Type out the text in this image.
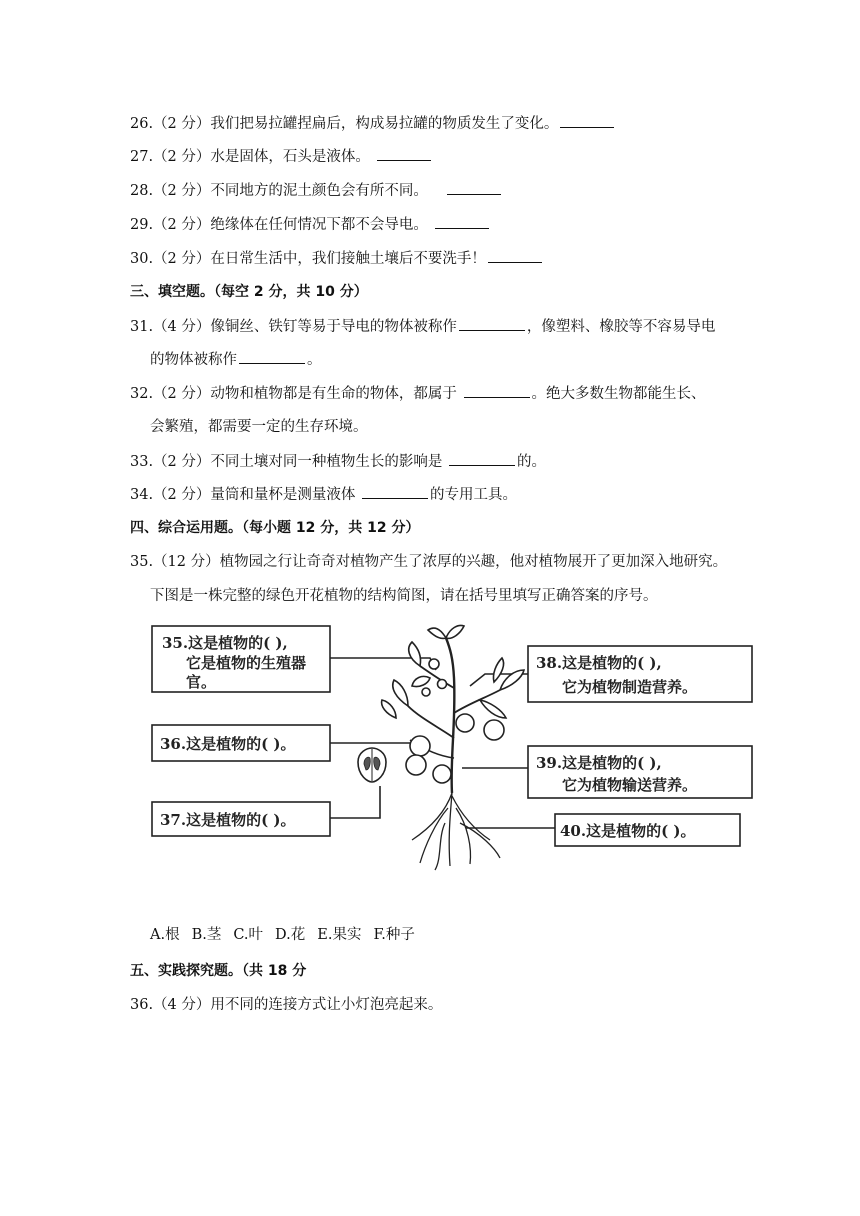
26.（2 分）我们把易拉罐捏扁后，构成易拉罐的物质发生了变化。
27.（2 分）水是固体，石头是液体。
28.（2 分）不同地方的泥土颜色会有所不同。
29.（2 分）绝缘体在任何情况下都不会导电。
30.（2 分）在日常生活中，我们接触土壤后不要洗手！
三、填空题。（每空 2 分，共 10 分）
31.（4 分）像铜丝、铁钉等易于导电的物体被称作	，像塑料、橡胶等不容易导电
的物体被称作	。
32.（2 分）动物和植物都是有生命的物体，都属于	。绝大多数生物都能生长、
会繁殖，都需要一定的生存环境。
33.（2 分）不同土壤对同一种植物生长的影响是	的。
34.（2 分）量筒和量杯是测量液体	的专用工具。
四、综合运用题。（每小题 12 分，共 12 分）
35.（12 分）植物园之行让奇奇对植物产生了浓厚的兴趣，他对植物展开了更加深入地研究。
下图是一株完整的绿色开花植物的结构简图，请在括号里填写正确答案的序号。
35.这是植物的( ),
它是植物的生殖器
官。
36.这是植物的( )。
37.这是植物的( )。
38.这是植物的( ),
它为植物制造营养。
39.这是植物的( ),
它为植物输送营养。
40.这是植物的( )。
A.根 B.茎 C.叶 D.花 E.果实 F.种子
五、实践探究题。（共 18 分
36.（4 分）用不同的连接方式让小灯泡亮起来。
